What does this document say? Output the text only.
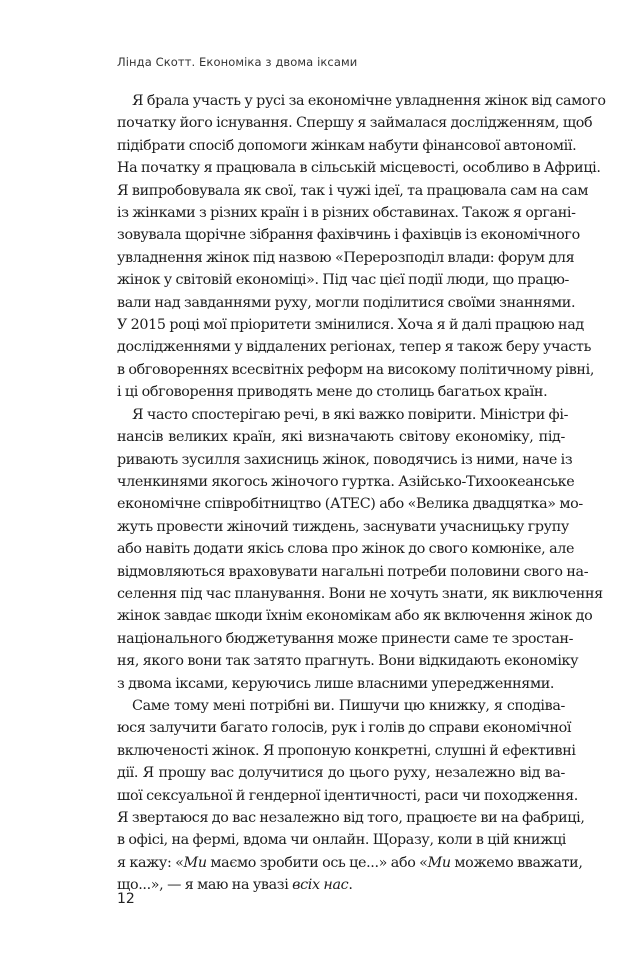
Лінда Скотт. Економіка з двома іксами
Я брала участь у русі за економічне увладнення жінок від самого
початку його існування. Спершу я займалася дослідженням, щоб
підібрати спосіб допомоги жінкам набути фінансової автономії.
На початку я працювала в сільській місцевості, особливо в Африці.
Я випробовувала як свої, так і чужі ідеї, та працювала сам на сам
із жінками з різних країн і в різних обставинах. Також я органі-
зовувала щорічне зібрання фахівчинь і фахівців із економічного
увладнення жінок під назвою «Перерозподіл влади: форум для
жінок у світовій економіці». Під час цієї події люди, що працю-
вали над завданнями руху, могли поділитися своїми знаннями.
У 2015 році мої пріоритети змінилися. Хоча я й далі працюю над
дослідженнями у віддалених регіонах, тепер я також беру участь
в обговореннях всесвітніх реформ на високому політичному рівні,
і ці обговорення приводять мене до столиць багатьох країн.
Я часто спостерігаю речі, в які важко повірити. Міністри фі-
нансів великих країн, які визначають світову економіку, під-
ривають зусилля захисниць жінок, поводячись із ними, наче із
членкинями якогось жіночого гуртка. Азійсько-Тихоокеанське
економічне співробітництво (АТЕС) або «Велика двадцятка» мо-
жуть провести жіночий тиждень, заснувати учасницьку групу
або навіть додати якісь слова про жінок до свого комюніке, але
відмовляються враховувати нагальні потреби половини свого на-
селення під час планування. Вони не хочуть знати, як виключення
жінок завдає шкоди їхнім економікам або як включення жінок до
національного бюджетування може принести саме те зростан-
ня, якого вони так затято прагнуть. Вони відкидають економіку
з двома іксами, керуючись лише власними упередженнями.
Саме тому мені потрібні ви. Пишучи цю книжку, я сподіва-
юся залучити багато голосів, рук і голів до справи економічної
включеності жінок. Я пропоную конкретні, слушні й ефективні
дії. Я прошу вас долучитися до цього руху, незалежно від ва-
шої сексуальної й гендерної ідентичності, раси чи походження.
Я звертаюся до вас незалежно від того, працюєте ви на фабриці,
в офісі, на фермі, вдома чи онлайн. Щоразу, коли в цій книжці
я кажу: «Ми маємо зробити ось це...» або «Ми можемо вважати,
що...», — я маю на увазі всіх нас.
12
